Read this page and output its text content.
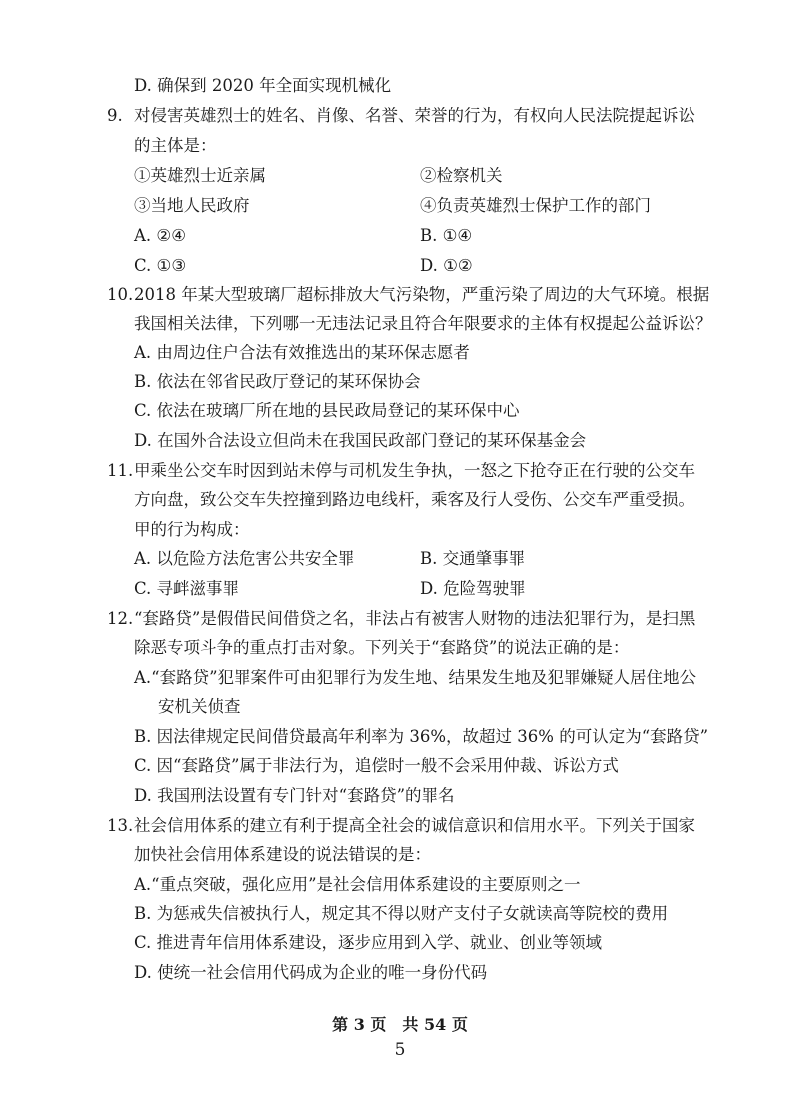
9.
10.
11.
12.
13.
D. 确保到 2020 年全面实现机械化
对侵害英雄烈士的姓名、肖像、名誉、荣誉的行为，有权向人民法院提起诉讼
的主体是：
①英雄烈士近亲属	②检察机关
③当地人民政府	④负责英雄烈士保护工作的部门
A. ②④	B. ①④
C. ①③	D. ①②
2018 年某大型玻璃厂超标排放大气污染物，严重污染了周边的大气环境。根据
我国相关法律，下列哪一无违法记录且符合年限要求的主体有权提起公益诉讼？
A. 由周边住户合法有效推选出的某环保志愿者
B. 依法在邻省民政厅登记的某环保协会
C. 依法在玻璃厂所在地的县民政局登记的某环保中心
D. 在国外合法设立但尚未在我国民政部门登记的某环保基金会
甲乘坐公交车时因到站未停与司机发生争执，一怒之下抢夺正在行驶的公交车
方向盘，致公交车失控撞到路边电线杆，乘客及行人受伤、公交车严重受损。
甲的行为构成：
A. 以危险方法危害公共安全罪	B. 交通肇事罪
C. 寻衅滋事罪	D. 危险驾驶罪
“套路贷”是假借民间借贷之名，非法占有被害人财物的违法犯罪行为，是扫黑
除恶专项斗争的重点打击对象。下列关于“套路贷”的说法正确的是：
A.“套路贷”犯罪案件可由犯罪行为发生地、结果发生地及犯罪嫌疑人居住地公
安机关侦查
B. 因法律规定民间借贷最高年利率为 36%，故超过 36% 的可认定为“套路贷”
C. 因“套路贷”属于非法行为，追偿时一般不会采用仲裁、诉讼方式
D. 我国刑法设置有专门针对“套路贷”的罪名
社会信用体系的建立有利于提高全社会的诚信意识和信用水平。下列关于国家
加快社会信用体系建设的说法错误的是：
A.“重点突破，强化应用”是社会信用体系建设的主要原则之一
B. 为惩戒失信被执行人，规定其不得以财产支付子女就读高等院校的费用
C. 推进青年信用体系建设，逐步应用到入学、就业、创业等领域
D. 使统一社会信用代码成为企业的唯一身份代码
第 3 页　共 54 页
5
